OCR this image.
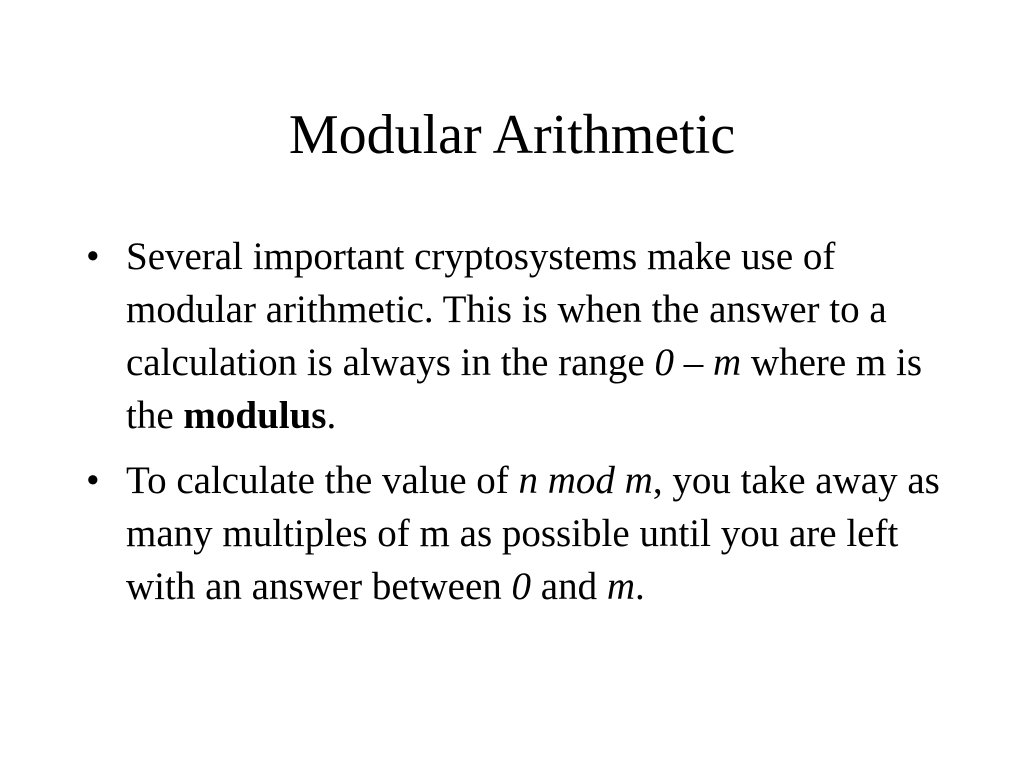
Modular Arithmetic
• Several important cryptosystems make use of modular arithmetic. This is when the answer to a calculation is always in the range 0 – m where m is the modulus.
• To calculate the value of n mod m, you take away as many multiples of m as possible until you are left with an answer between 0 and m.
